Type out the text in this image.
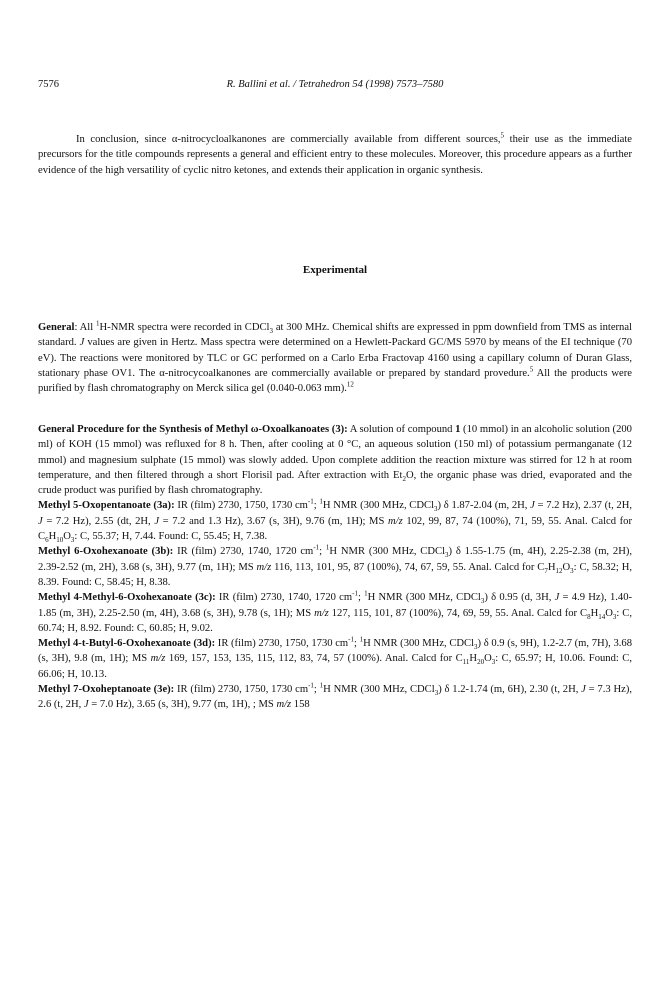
7576	R. Ballini et al. / Tetrahedron 54 (1998) 7573–7580

In conclusion, since α-nitrocycloalkanones are commercially available from different sources,$^5$ their use as the immediate precursors for the title compounds represents a general and efficient entry to these molecules. Moreover, this procedure appears as a further evidence of the high versatility of cyclic nitro ketones, and extends their application in organic synthesis.

Experimental

General: All $^1$H-NMR spectra were recorded in CDCl$_3$ at 300 MHz. Chemical shifts are expressed in ppm downfield from TMS as internal standard. J values are given in Hertz. Mass spectra were determined on a Hewlett-Packard GC/MS 5970 by means of the EI technique (70 eV). The reactions were monitored by TLC or GC performed on a Carlo Erba Fractovap 4160 using a capillary column of Duran Glass, stationary phase OV1. The α-nitrocycoalkanones are commercially available or prepared by standard provedure.$^5$ All the products were purified by flash chromatography on Merck silica gel (0.040-0.063 mm).$^{12}$

General Procedure for the Synthesis of Methyl ω-Oxoalkanoates (3): A solution of compound 1 (10 mmol) in an alcoholic solution (200 ml) of KOH (15 mmol) was refluxed for 8 h. Then, after cooling at 0 °C, an aqueous solution (150 ml) of potassium permanganate (12 mmol) and magnesium sulphate (15 mmol) was slowly added. Upon complete addition the reaction mixture was stirred for 12 h at room temperature, and then filtered through a short Florisil pad. After extraction with $Et_2O$, the organic phase was dried, evaporated and the crude product was purified by flash chromatography.

Methyl 5-Oxopentanoate (3a): IR (film) 2730, 1750, 1730 $cm^{-1}$; $^1$H NMR (300 MHz, CDCl$_3$) δ 1.87-2.04 (m, 2H, J = 7.2 Hz), 2.37 (t, 2H, J = 7.2 Hz), 2.55 (dt, 2H, J = 7.2 and 1.3 Hz), 3.67 (s, 3H), 9.76 (m, 1H); MS m/z 102, 99, 87, 74 (100%), 71, 59, 55. Anal. Calcd for $C_6H_{10}O_3$: C, 55.37; H, 7.44. Found: C, 55.45; H, 7.38.

Methyl 6-Oxohexanoate (3b): IR (film) 2730, 1740, 1720 $cm^{-1}$; $^1$H NMR (300 MHz, CDCl$_3$) δ 1.55-1.75 (m, 4H), 2.25-2.38 (m, 2H), 2.39-2.52 (m, 2H), 3.68 (s, 3H), 9.77 (m, 1H); MS m/z 116, 113, 101, 95, 87 (100%), 74, 67, 59, 55. Anal. Calcd for $C_7H_{12}O_3$: C, 58.32; H, 8.39. Found: C, 58.45; H, 8.38.

Methyl 4-Methyl-6-Oxohexanoate (3c): IR (film) 2730, 1740, 1720 $cm^{-1}$; $^1$H NMR (300 MHz, CDCl$_3$) δ 0.95 (d, 3H, J = 4.9 Hz), 1.40-1.85 (m, 3H), 2.25-2.50 (m, 4H), 3.68 (s, 3H), 9.78 (s, 1H); MS m/z 127, 115, 101, 87 (100%), 74, 69, 59, 55. Anal. Calcd for $C_8H_{14}O_3$: C, 60.74; H, 8.92. Found: C, 60.85; H, 9.02.

Methyl 4-t-Butyl-6-Oxohexanoate (3d): IR (film) 2730, 1750, 1730 $cm^{-1}$; $^1$H NMR (300 MHz, CDCl$_3$) δ 0.9 (s, 9H), 1.2-2.7 (m, 7H), 3.68 (s, 3H), 9.8 (m, 1H); MS m/z 169, 157, 153, 135, 115, 112, 83, 74, 57 (100%). Anal. Calcd for $C_{11}H_{20}O_3$: C, 65.97; H, 10.06. Found: C, 66.06; H, 10.13.

Methyl 7-Oxoheptanoate (3e): IR (film) 2730, 1750, 1730 $cm^{-1}$; $^1$H NMR (300 MHz, CDCl$_3$) δ 1.2-1.74 (m, 6H), 2.30 (t, 2H, J = 7.3 Hz), 2.6 (t, 2H, J = 7.0 Hz), 3.65 (s, 3H), 9.77 (m, 1H), ; MS m/z 158
